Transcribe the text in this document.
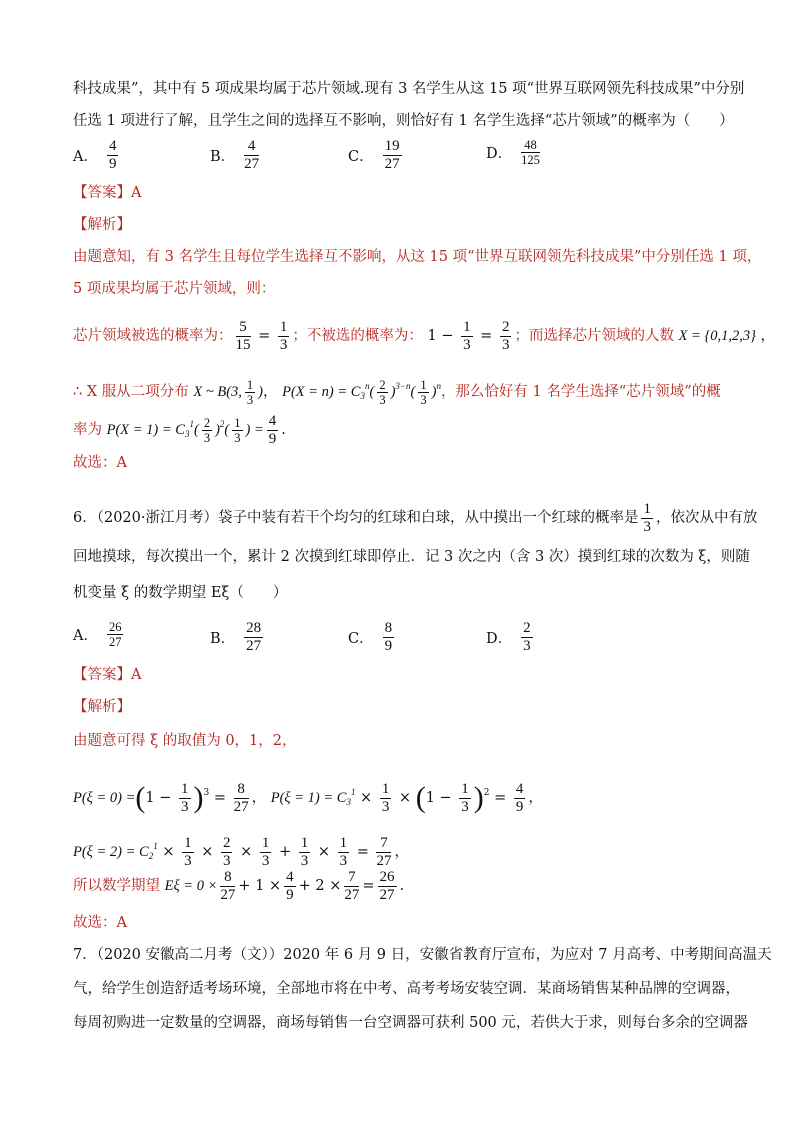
科技成果”，其中有 5 项成果均属于芯片领域.现有 3 名学生从这 15 项“世界互联网领先科技成果”中分别
任选 1 项进行了解，且学生之间的选择互不影响，则恰好有 1 名学生选择“芯片领域”的概率为（　　）
A． $\frac{4}{9}$	B． $\frac{4}{27}$	C． $\frac{19}{27}$	D． $\frac{48}{125}$
【答案】A
【解析】
由题意知，有 3 名学生且每位学生选择互不影响，从这 15 项“世界互联网领先科技成果”中分别任选 1 项，
5 项成果均属于芯片领域，则：
芯片领域被选的概率为： $\frac{5}{15} = \frac{1}{3}$ ；不被选的概率为： $1 - \frac{1}{3} = \frac{2}{3}$ ；而选择芯片领域的人数 X = {0,1,2,3} ，
∴ X 服从二项分布 X ~ B(3, $\frac{1}{3}$ )， $P(X = n) = C_3^n( \frac{2}{3} )^{3-n}( \frac{1}{3} )^n$，那么恰好有 1 名学生选择“芯片领域”的概
率为 $P(X = 1) = C_3^1( \frac{2}{3} )^2( \frac{1}{3}$ ) = $\frac{4}{9}$ .
故选：A
6．（2020·浙江月考）袋子中装有若干个均匀的红球和白球，从中摸出一个红球的概率是 $\frac{1}{3}$ ，依次从中有放
回地摸球，每次摸出一个，累计 2 次摸到红球即停止．记 3 次之内（含 3 次）摸到红球的次数为 ξ，则随
机变量 ξ 的数学期望 Eξ（　　）
A． $\frac{26}{27}$	B． $\frac{28}{27}$	C． $\frac{8}{9}$	D． $\frac{2}{3}$
【答案】A
【解析】
由题意可得 ξ 的取值为 0，1，2，
$P(\xi = 0) =(1 - \frac{1}{3} )^3 = \frac{8}{27}$ ， $P(\xi = 1) = C_3^1 \times \frac{1}{3} \times (1 - \frac{1}{3} )^2 = \frac{4}{9}$ ，
$P(\xi = 2) = C_2^1 \times \frac{1}{3} \times \frac{2}{3} \times \frac{1}{3} + \frac{1}{3} \times \frac{1}{3} = \frac{7}{27}$ ，
所以数学期望 $E\xi = 0 \times \frac{8}{27} + 1 \times \frac{4}{9} + 2 \times \frac{7}{27} = \frac{26}{27}$ .
故选：A
7．（2020 安徽高二月考（文））2020 年 6 月 9 日，安徽省教育厅宣布，为应对 7 月高考、中考期间高温天
气，给学生创造舒适考场环境，全部地市将在中考、高考考场安装空调．某商场销售某种品牌的空调器，
每周初购进一定数量的空调器，商场每销售一台空调器可获利 500 元，若供大于求，则每台多余的空调器
